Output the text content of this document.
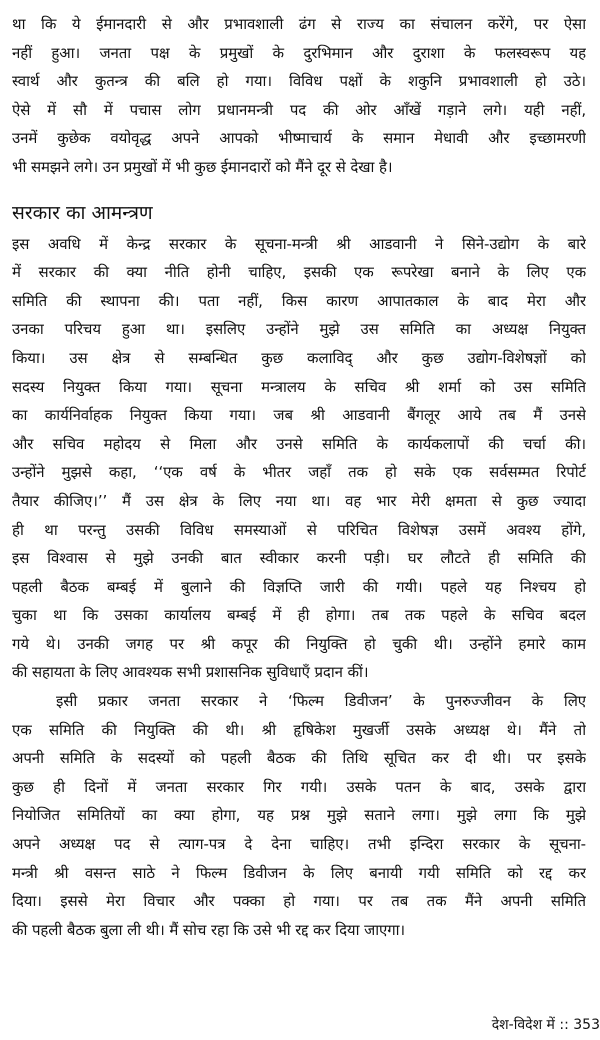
था कि ये ईमानदारी से और प्रभावशाली ढंग से राज्य का संचालन करेंगे, पर ऐसा
नहीं हुआ। जनता पक्ष के प्रमुखों के दुरभिमान और दुराशा के फलस्वरूप यह
स्वार्थ और कुतन्त्र की बलि हो गया। विविध पक्षों के शकुनि प्रभावशाली हो उठे।
ऐसे में सौ में पचास लोग प्रधानमन्त्री पद की ओर आँखें गड़ाने लगे। यही नहीं,
उनमें कुछेक वयोवृद्ध अपने आपको भीष्माचार्य के समान मेधावी और इच्छामरणी
भी समझने लगे। उन प्रमुखों में भी कुछ ईमानदारों को मैंने दूर से देखा है।
सरकार का आमन्त्रण
इस अवधि में केन्द्र सरकार के सूचना-मन्त्री श्री आडवानी ने सिने-उद्योग के बारे
में सरकार की क्या नीति होनी चाहिए, इसकी एक रूपरेखा बनाने के लिए एक
समिति की स्थापना की। पता नहीं, किस कारण आपातकाल के बाद मेरा और
उनका परिचय हुआ था। इसलिए उन्होंने मुझे उस समिति का अध्यक्ष नियुक्त
किया। उस क्षेत्र से सम्बन्धित कुछ कलाविद् और कुछ उद्योग-विशेषज्ञों को
सदस्य नियुक्त किया गया। सूचना मन्त्रालय के सचिव श्री शर्मा को उस समिति
का कार्यनिर्वाहक नियुक्त किया गया। जब श्री आडवानी बैंगलूर आये तब मैं उनसे
और सचिव महोदय से मिला और उनसे समिति के कार्यकलापों की चर्चा की।
उन्होंने मुझसे कहा, ‘‘एक वर्ष के भीतर जहाँ तक हो सके एक सर्वसम्मत रिपोर्ट
तैयार कीजिए।’’ मैं उस क्षेत्र के लिए नया था। वह भार मेरी क्षमता से कुछ ज्यादा
ही था परन्तु उसकी विविध समस्याओं से परिचित विशेषज्ञ उसमें अवश्य होंगे,
इस विश्वास से मुझे उनकी बात स्वीकार करनी पड़ी। घर लौटते ही समिति की
पहली बैठक बम्बई में बुलाने की विज्ञप्ति जारी की गयी। पहले यह निश्चय हो
चुका था कि उसका कार्यालय बम्बई में ही होगा। तब तक पहले के सचिव बदल
गये थे। उनकी जगह पर श्री कपूर की नियुक्ति हो चुकी थी। उन्होंने हमारे काम
की सहायता के लिए आवश्यक सभी प्रशासनिक सुविधाएँ प्रदान कीं।
इसी प्रकार जनता सरकार ने ‘फिल्म डिवीजन’ के पुनरुज्जीवन के लिए
एक समिति की नियुक्ति की थी। श्री हृषिकेश मुखर्जी उसके अध्यक्ष थे। मैंने तो
अपनी समिति के सदस्यों को पहली बैठक की तिथि सूचित कर दी थी। पर इसके
कुछ ही दिनों में जनता सरकार गिर गयी। उसके पतन के बाद, उसके द्वारा
नियोजित समितियों का क्या होगा, यह प्रश्न मुझे सताने लगा। मुझे लगा कि मुझे
अपने अध्यक्ष पद से त्याग-पत्र दे देना चाहिए। तभी इन्दिरा सरकार के सूचना-
मन्त्री श्री वसन्त साठे ने फिल्म डिवीजन के लिए बनायी गयी समिति को रद्द कर
दिया। इससे मेरा विचार और पक्का हो गया। पर तब तक मैंने अपनी समिति
की पहली बैठक बुला ली थी। मैं सोच रहा कि उसे भी रद्द कर दिया जाएगा।
देश-विदेश में :: 353
